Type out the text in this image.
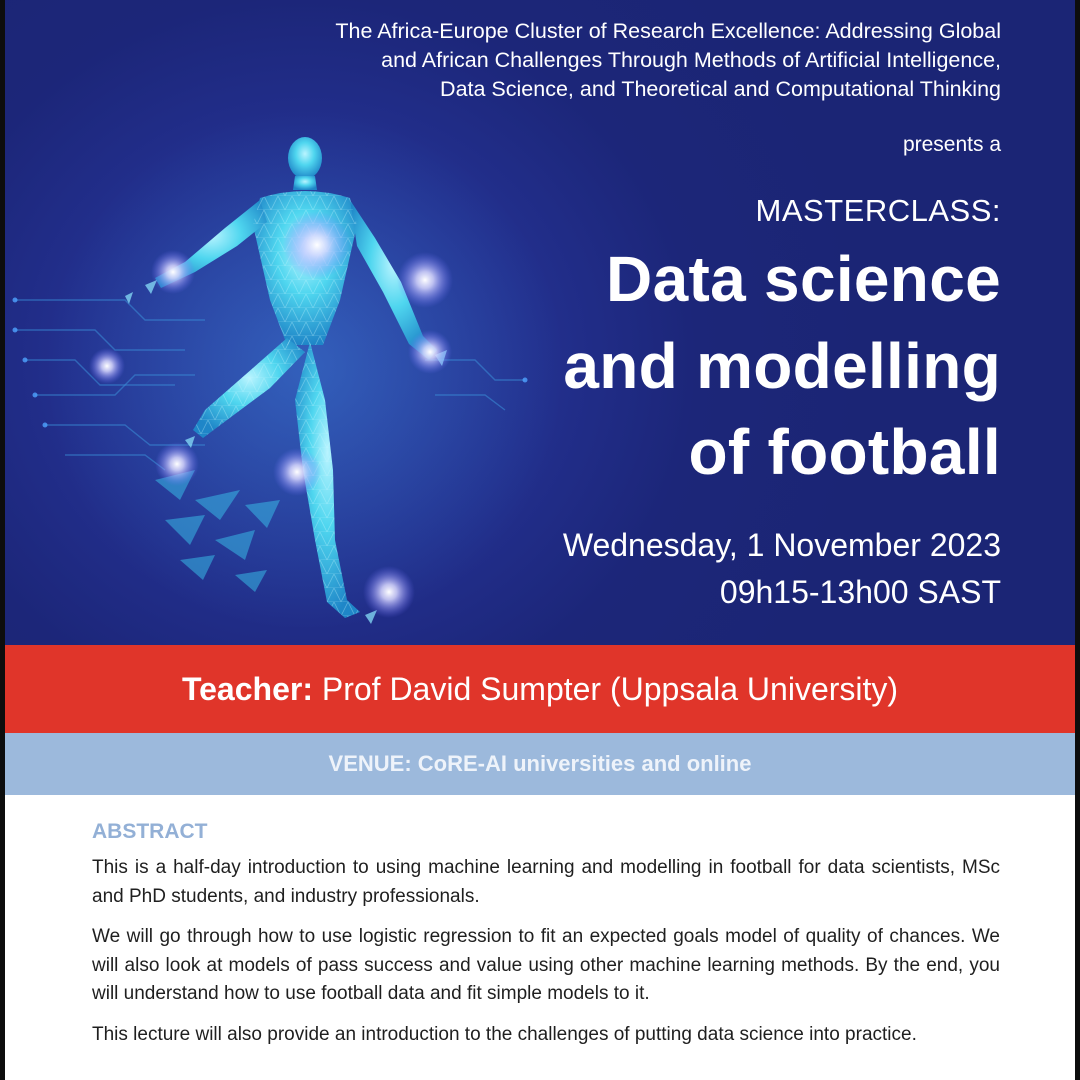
The Africa-Europe Cluster of Research Excellence: Addressing Global
and African Challenges Through Methods of Artificial Intelligence,
Data Science, and Theoretical and Computational Thinking
presents a
MASTERCLASS:
Data science
and modelling
of football
Wednesday, 1 November 2023
09h15-13h00 SAST
Teacher: Prof David Sumpter (Uppsala University)
VENUE: CoRE-AI universities and online
ABSTRACT

This is a half-day introduction to using machine learning and modelling in football for data scientists, MSc and PhD students, and industry professionals.

We will go through how to use logistic regression to fit an expected goals model of quality of chances. We will also look at models of pass success and value using other machine learning methods. By the end, you will understand how to use football data and fit simple models to it.

This lecture will also provide an introduction to the challenges of putting data science into practice.
